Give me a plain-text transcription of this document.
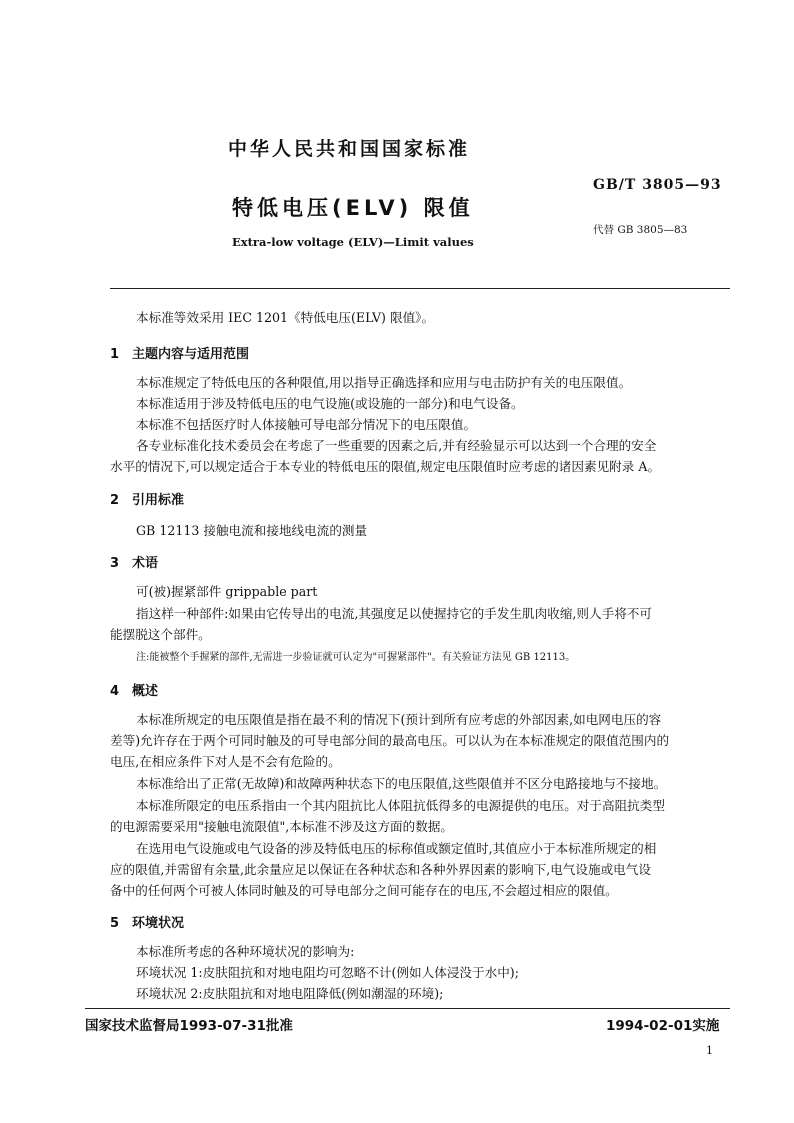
中华人民共和国国家标准
特低电压(ELV) 限值
Extra-low voltage (ELV)—Limit values
GB/T 3805—93
代替 GB 3805—83
本标准等效采用 IEC 1201《特低电压(ELV) 限值》。
1 主题内容与适用范围
本标准规定了特低电压的各种限值,用以指导正确选择和应用与电击防护有关的电压限值。
本标准适用于涉及特低电压的电气设施(或设施的一部分)和电气设备。
本标准不包括医疗时人体接触可导电部分情况下的电压限值。
各专业标准化技术委员会在考虑了一些重要的因素之后,并有经验显示可以达到一个合理的安全
水平的情况下,可以规定适合于本专业的特低电压的限值,规定电压限值时应考虑的诸因素见附录 A。
2 引用标准
GB 12113 接触电流和接地线电流的测量
3 术语
可(被)握紧部件 grippable part
指这样一种部件:如果由它传导出的电流,其强度足以使握持它的手发生肌肉收缩,则人手将不可
能摆脱这个部件。
注:能被整个手握紧的部件,无需进一步验证就可认定为"可握紧部件"。有关验证方法见 GB 12113。
4 概述
本标准所规定的电压限值是指在最不利的情况下(预计到所有应考虑的外部因素,如电网电压的容
差等)允许存在于两个可同时触及的可导电部分间的最高电压。可以认为在本标准规定的限值范围内的
电压,在相应条件下对人是不会有危险的。
本标准给出了正常(无故障)和故障两种状态下的电压限值,这些限值并不区分电路接地与不接地。
本标准所限定的电压系指由一个其内阻抗比人体阻抗低得多的电源提供的电压。对于高阻抗类型
的电源需要采用"接触电流限值",本标准不涉及这方面的数据。
在选用电气设施或电气设备的涉及特低电压的标称值或额定值时,其值应小于本标准所规定的相
应的限值,并需留有余量,此余量应足以保证在各种状态和各种外界因素的影响下,电气设施或电气设
备中的任何两个可被人体同时触及的可导电部分之间可能存在的电压,不会超过相应的限值。
5 环境状况
本标准所考虑的各种环境状况的影响为:
环境状况 1:皮肤阻抗和对地电阻均可忽略不计(例如人体浸没于水中);
环境状况 2:皮肤阻抗和对地电阻降低(例如潮湿的环境);
国家技术监督局1993-07-31批准	1994-02-01实施
1
